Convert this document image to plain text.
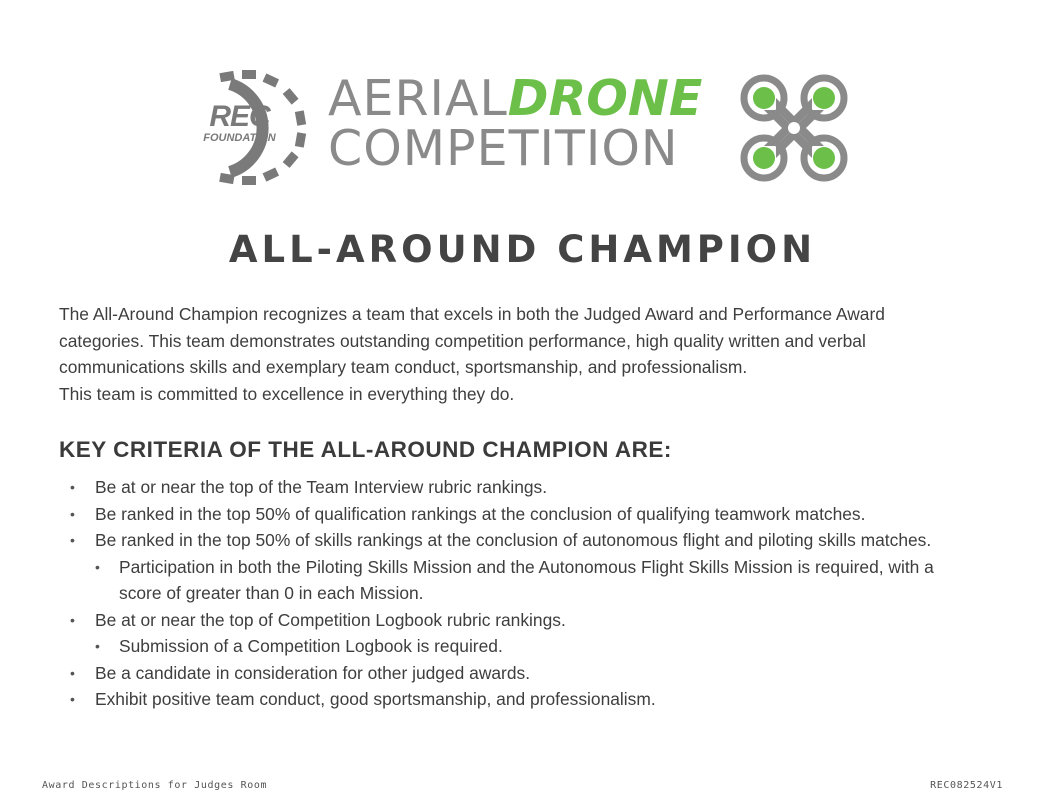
REC
FOUNDATION
AERIALDRONE
COMPETITION
ALL-AROUND CHAMPION

The All-Around Champion recognizes a team that excels in both the Judged Award and Performance Award
categories. This team demonstrates outstanding competition performance, high quality written and verbal
communications skills and exemplary team conduct, sportsmanship, and professionalism.
This team is committed to excellence in everything they do.

KEY CRITERIA OF THE ALL-AROUND CHAMPION ARE:
• Be at or near the top of the Team Interview rubric rankings.
• Be ranked in the top 50% of qualification rankings at the conclusion of qualifying teamwork matches.
• Be ranked in the top 50% of skills rankings at the conclusion of autonomous flight and piloting skills matches.
• Participation in both the Piloting Skills Mission and the Autonomous Flight Skills Mission is required, with a score of greater than 0 in each Mission.
• Be at or near the top of Competition Logbook rubric rankings.
• Submission of a Competition Logbook is required.
• Be a candidate in consideration for other judged awards.
• Exhibit positive team conduct, good sportsmanship, and professionalism.
Award Descriptions for Judges Room	REC082524V1
